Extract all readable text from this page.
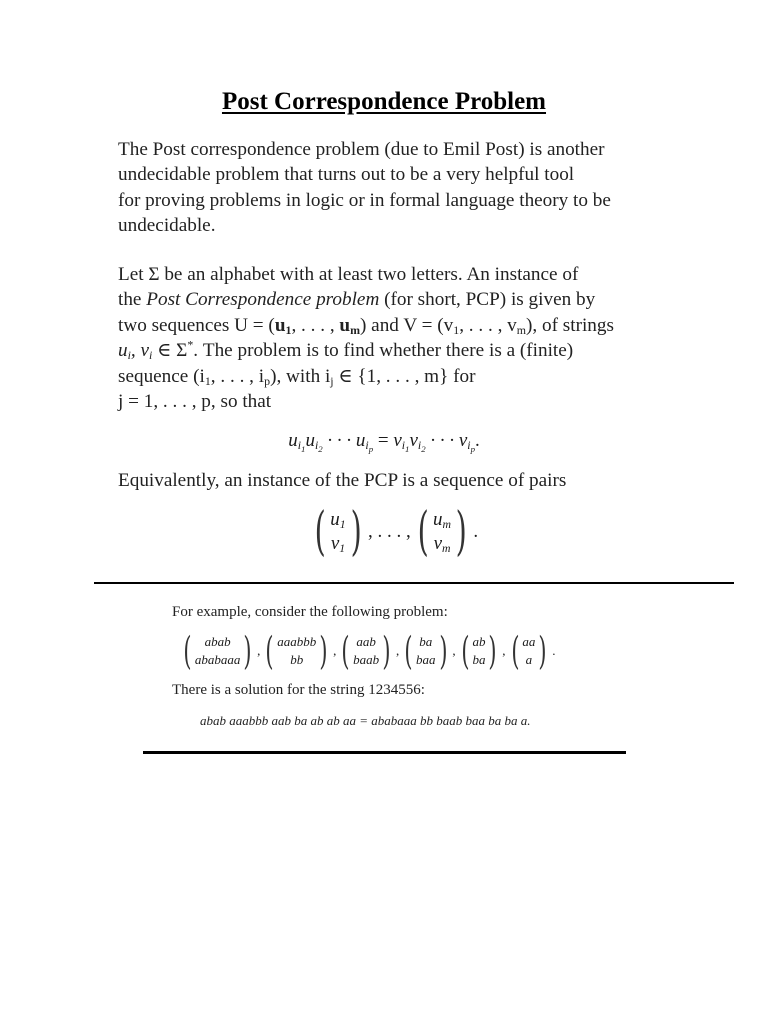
Post Correspondence Problem
The Post correspondence problem (due to Emil Post) is another
undecidable problem that turns out to be a very helpful tool
for proving problems in logic or in formal language theory to be
undecidable.
Let Σ be an alphabet with at least two letters. An instance of
the Post Correspondence problem (for short, PCP) is given by
two sequences $U = (u_1$, . . . , $u_m$) and $V = (v_1$, . . . , $v_m$), of strings
$u_i$, $v_i$ ∈ Σ*. The problem is to find whether there is a (finite)
sequence ($i_1$, . . . , $i_p$), with $i_j$ ∈ {1, . . . , m} for
j = 1, . . . , p, so that
$u_{i_1}u_{i_2}$ · · · $u_{i_p} = v_{i_1}v_{i_2}$ · · · $v_{i_p}$.
Equivalently, an instance of the PCP is a sequence of pairs
( $u_1$
$v_1$ ) , . . . , ( $u_m$
$v_m$ ) .
For example, consider the following problem:
( abab
ababaaa ) , ( aaabbb
bb ) , ( aab
baab ) , ( ba
baa ) , ( ab
ba ) , ( aa
a ) .
There is a solution for the string 1234556:
abab aaabbb aab ba ab ab aa = ababaaa bb baab baa ba ba a.
